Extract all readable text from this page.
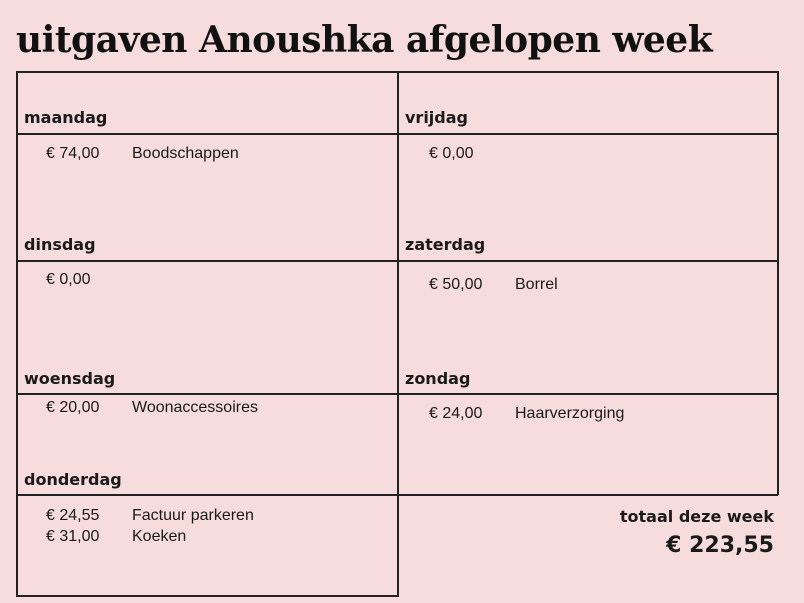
uitgaven Anoushka afgelopen week
maandag
€ 74,00 Boodschappen
dinsdag
€ 0,00
woensdag
€ 20,00 Woonaccessoires
donderdag
€ 24,55 Factuur parkeren
€ 31,00 Koeken
vrijdag
€ 0,00
zaterdag
€ 50,00 Borrel
zondag
€ 24,00 Haarverzorging
totaal deze week
€ 223,55
